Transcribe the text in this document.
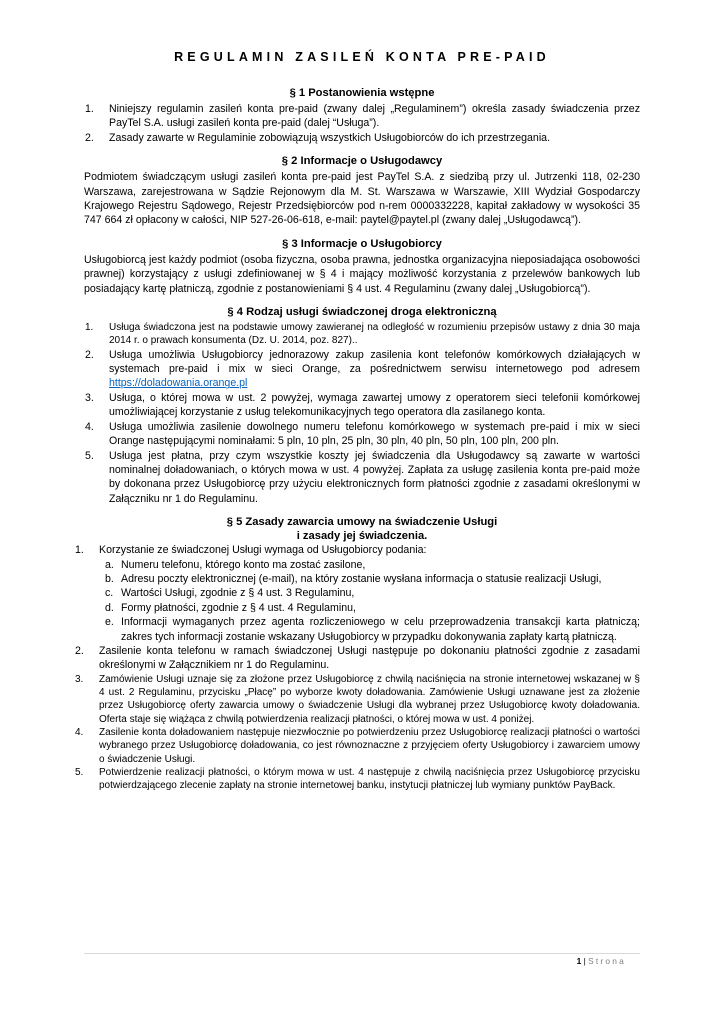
REGULAMIN ZASILEŃ KONTA PRE-PAID
§ 1 Postanowienia wstępne
1. Niniejszy regulamin zasileń konta pre-paid (zwany dalej „Regulaminem”) określa zasady świadczenia przez PayTel S.A. usługi zasileń konta pre-paid (dalej “Usługa”).
2. Zasady zawarte w Regulaminie zobowiązują wszystkich Usługobiorców do ich przestrzegania.
§ 2 Informacje o Usługodawcy

Podmiotem świadczącym usługi zasileń konta pre-paid jest PayTel S.A. z siedzibą przy ul. Jutrzenki 118, 02-230 Warszawa, zarejestrowana w Sądzie Rejonowym dla M. St. Warszawa w Warszawie, XIII Wydział Gospodarczy Krajowego Rejestru Sądowego, Rejestr Przedsiębiorców pod n-rem 0000332228, kapitał zakładowy w wysokości 35 747 664 zł opłacony w całości, NIP 527-26-06-618, e-mail: paytel@paytel.pl (zwany dalej „Usługodawcą”).

§ 3 Informacje o Usługobiorcy

Usługobiorcą jest każdy podmiot (osoba fizyczna, osoba prawna, jednostka organizacyjna nieposiadająca osobowości prawnej) korzystający z usługi zdefiniowanej w § 4 i mający możliwość korzystania z przelewów bankowych lub posiadający kartę płatniczą, zgodnie z postanowieniami § 4 ust. 4 Regulaminu (zwany dalej „Usługobiorcą”).

§ 4 Rodzaj usługi świadczonej droga elektroniczną
1. Usługa świadczona jest na podstawie umowy zawieranej na odległość w rozumieniu przepisów ustawy z dnia 30 maja 2014 r. o prawach konsumenta (Dz. U. 2014, poz. 827)..
2. Usługa umożliwia Usługobiorcy jednorazowy zakup zasilenia kont telefonów komórkowych działających w systemach pre-paid i mix w sieci Orange, za pośrednictwem serwisu internetowego pod adresem https://doladowania.orange.pl
3. Usługa, o której mowa w ust. 2 powyżej, wymaga zawartej umowy z operatorem sieci telefonii komórkowej umożliwiającej korzystanie z usług telekomunikacyjnych tego operatora dla zasilanego konta.
4. Usługa umożliwia zasilenie dowolnego numeru telefonu komórkowego w systemach pre-paid i mix w sieci Orange następującymi nominałami: 5 pln, 10 pln, 25 pln, 30 pln, 40 pln, 50 pln, 100 pln, 200 pln.
5. Usługa jest płatna, przy czym wszystkie koszty jej świadczenia dla Usługodawcy są zawarte w wartości nominalnej doładowaniach, o których mowa w ust. 4 powyżej. Zapłata za usługę zasilenia konta pre-paid może by dokonana przez Usługobiorcę przy użyciu elektronicznych form płatności zgodnie z zasadami określonymi w Załączniku nr 1 do Regulaminu.
§ 5 Zasady zawarcia umowy na świadczenie Usługi
i zasady jej świadczenia.
1. Korzystanie ze świadczonej Usługi wymaga od Usługobiorcy podania:
a. Numeru telefonu, którego konto ma zostać zasilone,
b. Adresu poczty elektronicznej (e-mail), na który zostanie wysłana informacja o statusie realizacji Usługi,
c. Wartości Usługi, zgodnie z § 4 ust. 3 Regulaminu,
d. Formy płatności, zgodnie z § 4 ust. 4 Regulaminu,
e. Informacji wymaganych przez agenta rozliczeniowego w celu przeprowadzenia transakcji karta płatniczą; zakres tych informacji zostanie wskazany Usługobiorcy w przypadku dokonywania zapłaty kartą płatniczą.
2. Zasilenie konta telefonu w ramach świadczonej Usługi następuje po dokonaniu płatności zgodnie z zasadami określonymi w Załącznikiem nr 1 do Regulaminu.
3. Zamówienie Usługi uznaje się za złożone przez Usługobiorcę z chwilą naciśnięcia na stronie internetowej wskazanej w § 4 ust. 2 Regulaminu, przycisku „Płacę” po wyborze kwoty doładowania. Zamówienie Usługi uznawane jest za złożenie przez Usługobiorcę oferty zawarcia umowy o świadczenie Usługi dla wybranej przez Usługobiorcę kwoty doładowania. Oferta staje się wiążąca z chwilą potwierdzenia realizacji płatności, o której mowa w ust. 4 poniżej.
4. Zasilenie konta doładowaniem następuje niezwłocznie po potwierdzeniu przez Usługobiorcę realizacji płatności o wartości wybranego przez Usługobiorcę doładowania, co jest równoznaczne z przyjęciem oferty Usługobiorcy i zawarciem umowy o świadczenie Usługi.
5. Potwierdzenie realizacji płatności, o którym mowa w ust. 4 następuje z chwilą naciśnięcia przez Usługobiorcę przycisku potwierdzającego zlecenie zapłaty na stronie internetowej banku, instytucji płatniczej lub wymiany punktów PayBack.
1 | Strona
